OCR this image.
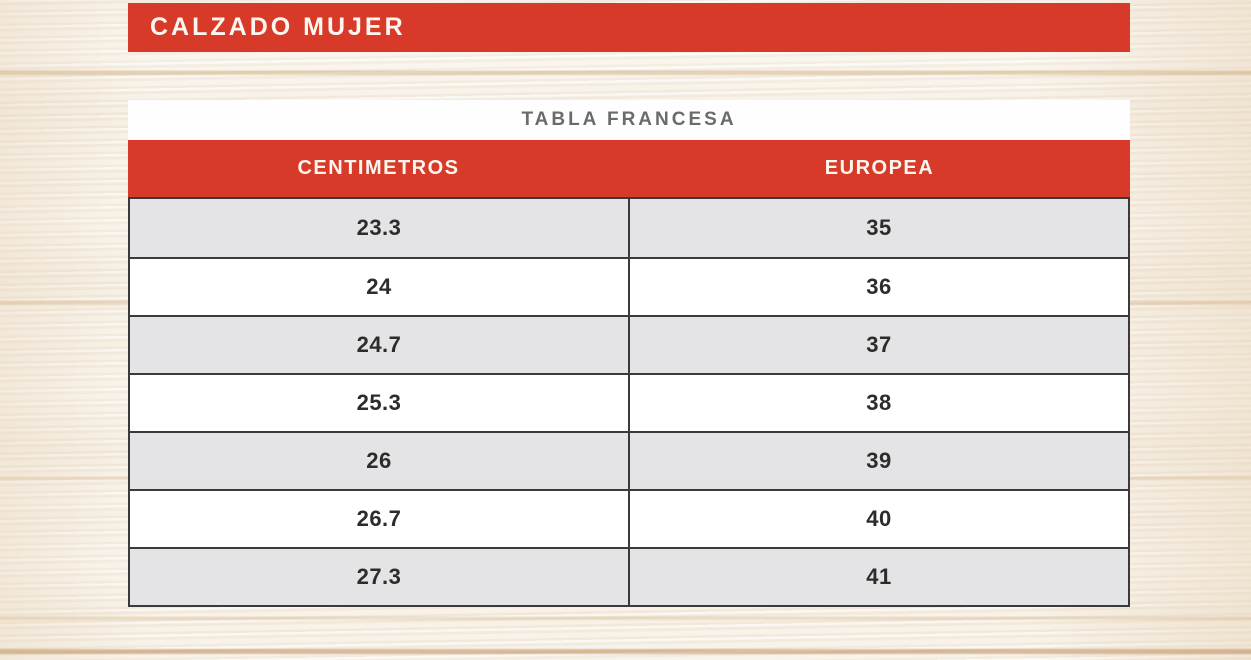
CALZADO MUJER
TABLA FRANCESA
CENTIMETROS	EUROPEA
23.3	35
24	36
24.7	37
25.3	38
26	39
26.7	40
27.3	41
